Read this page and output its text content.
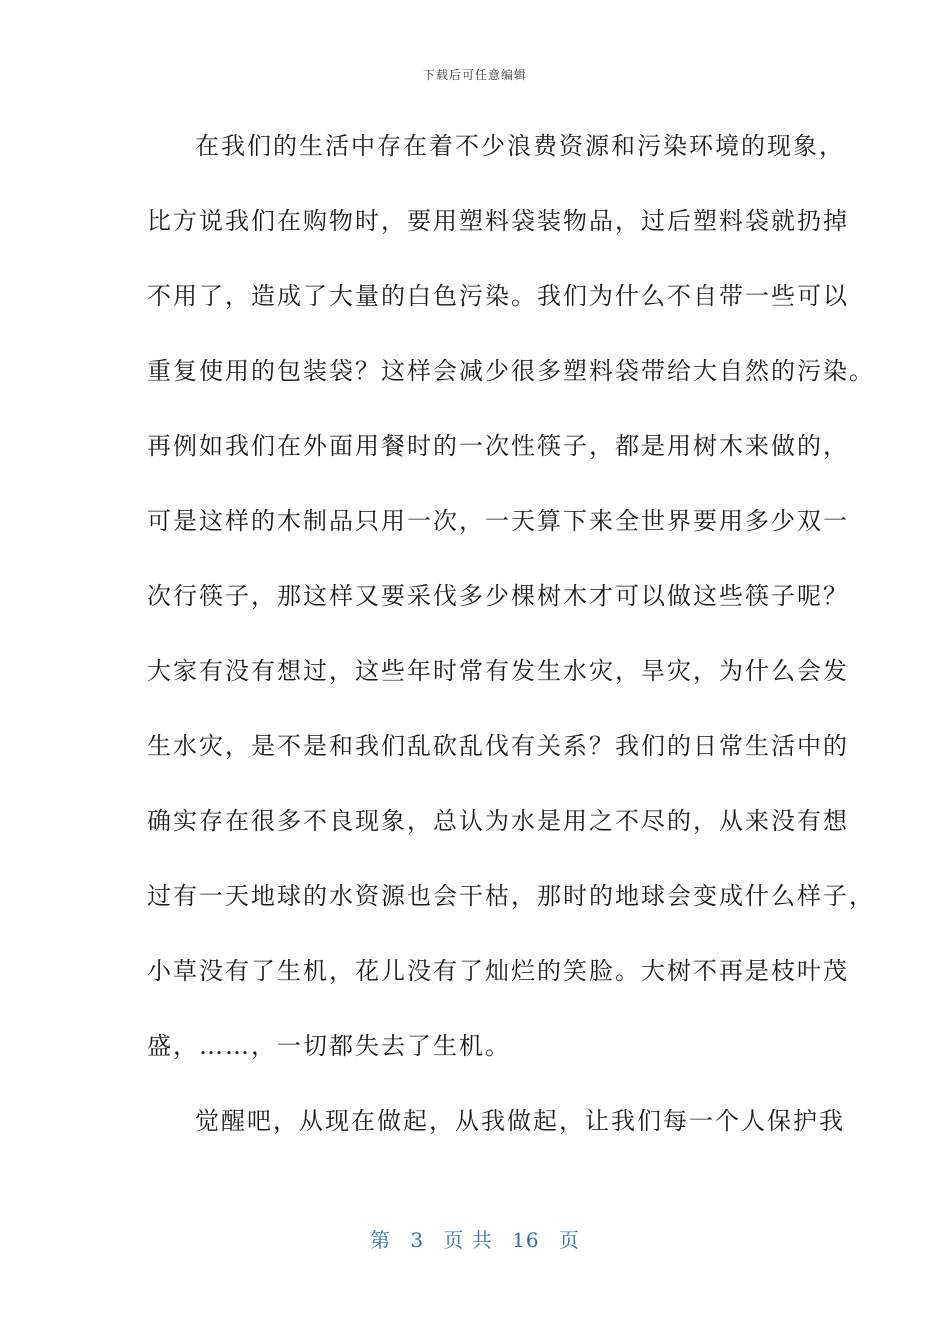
下载后可任意编辑
在我们的生活中存在着不少浪费资源和污染环境的现象，
比方说我们在购物时，要用塑料袋装物品，过后塑料袋就扔掉
不用了，造成了大量的白色污染。我们为什么不自带一些可以
重复使用的包装袋？这样会减少很多塑料袋带给大自然的污染。
再例如我们在外面用餐时的一次性筷子，都是用树木来做的，
可是这样的木制品只用一次，一天算下来全世界要用多少双一
次行筷子，那这样又要采伐多少棵树木才可以做这些筷子呢？
大家有没有想过，这些年时常有发生水灾，旱灾，为什么会发
生水灾，是不是和我们乱砍乱伐有关系？我们的日常生活中的
确实存在很多不良现象，总认为水是用之不尽的，从来没有想
过有一天地球的水资源也会干枯，那时的地球会变成什么样子，
小草没有了生机，花儿没有了灿烂的笑脸。大树不再是枝叶茂
盛，……，一切都失去了生机。
觉醒吧，从现在做起，从我做起，让我们每一个人保护我
第 3 页 共 16 页
